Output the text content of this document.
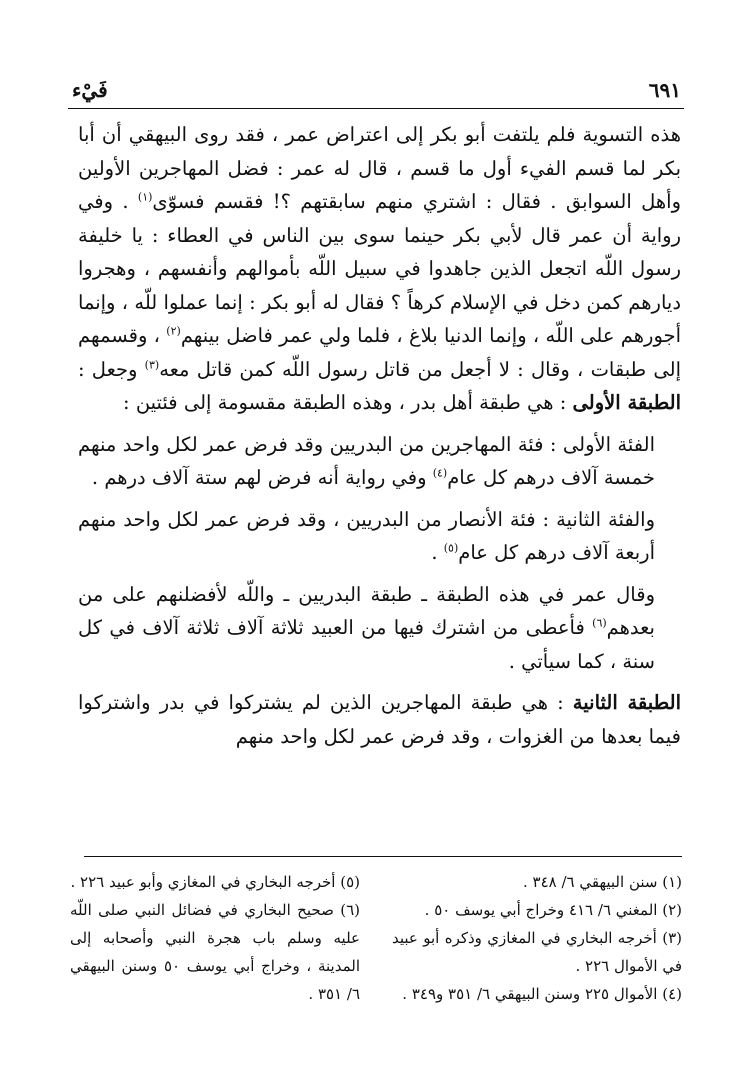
٦٩١
فَيْء

هذه التسوية فلم يلتفت أبو بكر إلى اعتراض عمر ، فقد روى البيهقي أن أبا بكر لما قسم الفيء أول ما قسم ، قال له عمر : فضل المهاجرين الأولين وأهل السوابق . فقال : اشتري منهم سابقتهم ؟! فقسم فسوّى$^{(١)}$ . وفي رواية أن عمر قال لأبي بكر حينما سوى بين الناس في العطاء : يا خليفة رسول اللّه اتجعل الذين جاهدوا في سبيل اللّه بأموالهم وأنفسهم ، وهجروا ديارهم كمن دخل في الإسلام كرهاً ؟ فقال له أبو بكر : إنما عملوا للّه ، وإنما أجورهم على اللّه ، وإنما الدنيا بلاغ ، فلما ولي عمر فاضل بينهم$^{(٢)}$ ، وقسمهم إلى طبقات ، وقال : لا أجعل من قاتل رسول اللّه كمن قاتل معه$^{(٣)}$ وجعل : الطبقة الأولى : هي طبقة أهل بدر ، وهذه الطبقة مقسومة إلى فئتين :

الفئة الأولى : فئة المهاجرين من البدريين وقد فرض عمر لكل واحد منهم خمسة آلاف درهم كل عام$^{(٤)}$ وفي رواية أنه فرض لهم ستة آلاف درهم .

والفئة الثانية : فئة الأنصار من البدريين ، وقد فرض عمر لكل واحد منهم أربعة آلاف درهم كل عام$^{(٥)}$ .

وقال عمر في هذه الطبقة ـ طبقة البدريين ـ واللّه لأفضلنهم على من بعدهم$^{(٦)}$ فأعطى من اشترك فيها من العبيد ثلاثة آلاف ثلاثة آلاف في كل سنة ، كما سيأتي .

الطبقة الثانية : هي طبقة المهاجرين الذين لم يشتركوا في بدر واشتركوا فيما بعدها من الغزوات ، وقد فرض عمر لكل واحد منهم

(١) سنن البيهقي ٦/ ٣٤٨ .

(٢) المغني ٦/ ٤١٦ وخراج أبي يوسف ٥٠ .

(٣) أخرجه البخاري في المغازي وذكره أبو عبيد في الأموال ٢٢٦ .

(٤) الأموال ٢٢٥ وسنن البيهقي ٦/ ٣٥١ و٣٤٩ .

(٥) أخرجه البخاري في المغازي وأبو عبيد ٢٢٦ .

(٦) صحيح البخاري في فضائل النبي صلى اللّه عليه وسلم باب هجرة النبي وأصحابه إلى المدينة ، وخراج أبي يوسف ٥٠ وسنن البيهقي ٦/ ٣٥١ .
